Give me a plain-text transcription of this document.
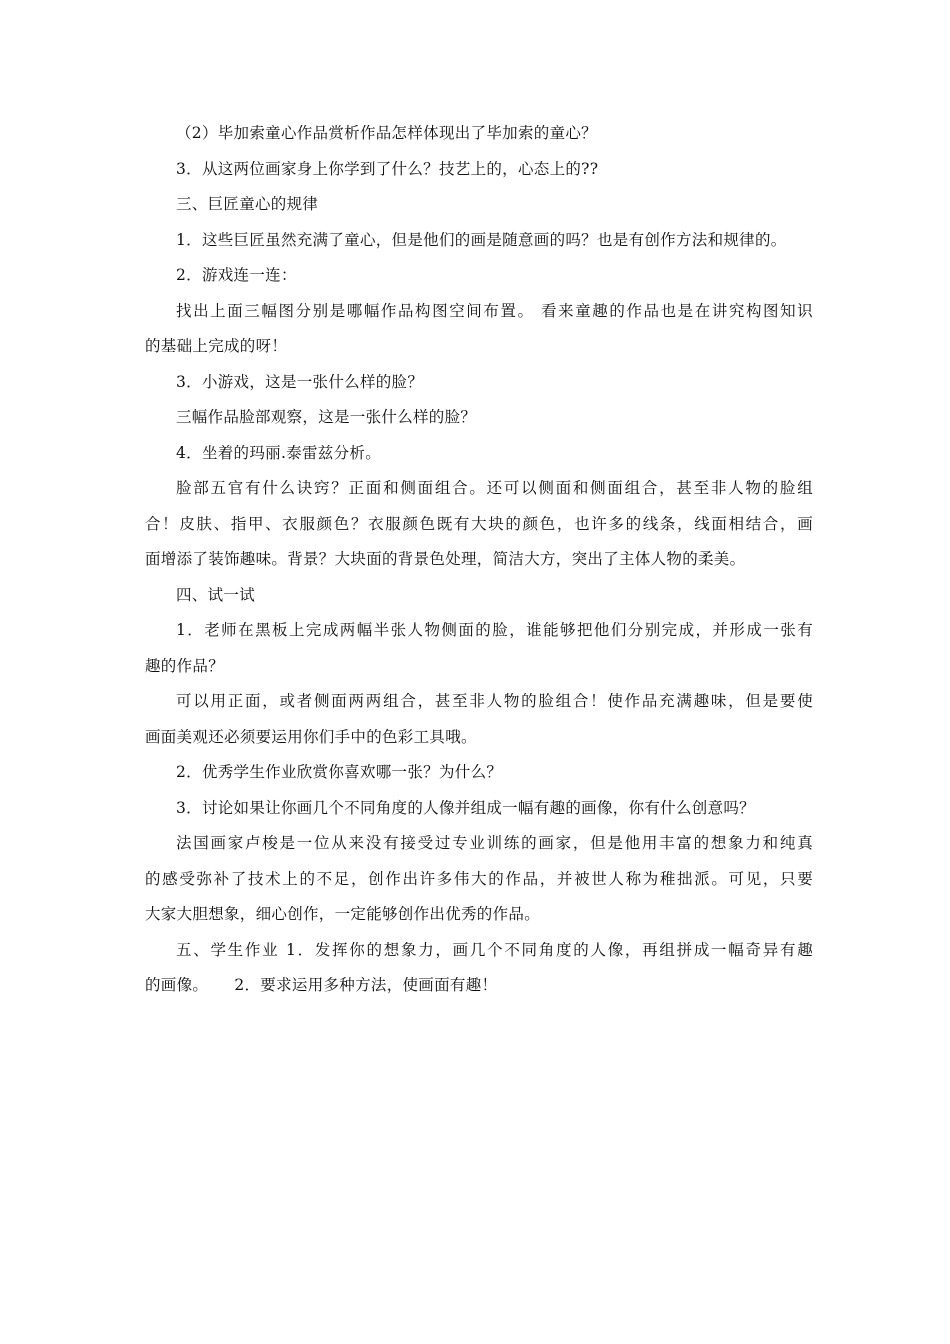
（2）毕加索童心作品赏析作品怎样体现出了毕加索的童心？
3．从这两位画家身上你学到了什么？技艺上的，心态上的??
三、巨匠童心的规律
1．这些巨匠虽然充满了童心，但是他们的画是随意画的吗？也是有创作方法和规律的。
2．游戏连一连：
找出上面三幅图分别是哪幅作品构图空间布置。 看来童趣的作品也是在讲究构图知识
的基础上完成的呀！
3．小游戏，这是一张什么样的脸？
三幅作品脸部观察，这是一张什么样的脸？
4．坐着的玛丽.泰雷兹分析。
脸部五官有什么诀窍？正面和侧面组合。还可以侧面和侧面组合，甚至非人物的脸组
合！皮肤、指甲、衣服颜色？衣服颜色既有大块的颜色，也许多的线条，线面相结合，画
面增添了装饰趣味。背景？大块面的背景色处理，简洁大方，突出了主体人物的柔美。
四、试一试
1．老师在黑板上完成两幅半张人物侧面的脸，谁能够把他们分别完成，并形成一张有
趣的作品？
可以用正面，或者侧面两两组合，甚至非人物的脸组合！使作品充满趣味，但是要使
画面美观还必须要运用你们手中的色彩工具哦。
2．优秀学生作业欣赏你喜欢哪一张？为什么？
3．讨论如果让你画几个不同角度的人像并组成一幅有趣的画像，你有什么创意吗？
法国画家卢梭是一位从来没有接受过专业训练的画家，但是他用丰富的想象力和纯真
的感受弥补了技术上的不足，创作出许多伟大的作品，并被世人称为稚拙派。可见，只要
大家大胆想象，细心创作，一定能够创作出优秀的作品。
五、学生作业 1．发挥你的想象力，画几个不同角度的人像，再组拼成一幅奇异有趣
的画像。     2．要求运用多种方法，使画面有趣！
